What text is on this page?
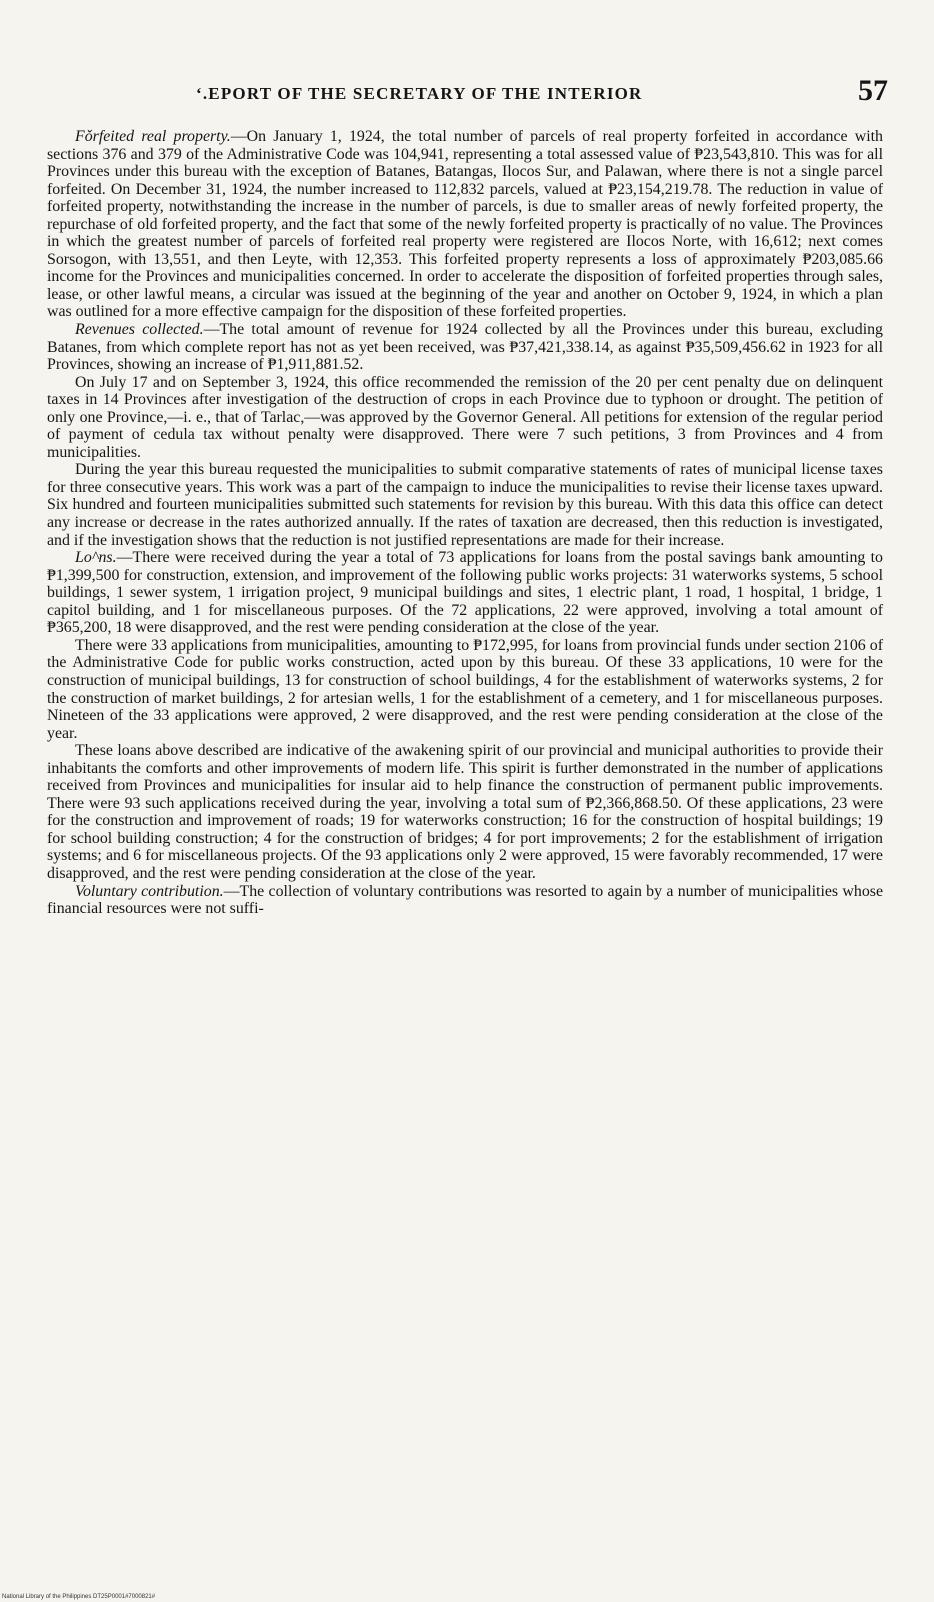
‘.EPORT OF THE SECRETARY OF THE INTERIOR	57

Fǒrfeited real property.—On January 1, 1924, the total number of parcels of real property forfeited in accordance with sections 376 and 379 of the Administrative Code was 104,941, representing a total assessed value of ₱23,543,810. This was for all Provinces under this bureau with the exception of Batanes, Batangas, Ilocos Sur, and Palawan, where there is not a single parcel forfeited. On December 31, 1924, the number increased to 112,832 parcels, valued at ₱23,154,219.78. The reduction in value of forfeited property, notwithstanding the increase in the number of parcels, is due to smaller areas of newly forfeited property, the repurchase of old forfeited property, and the fact that some of the newly forfeited property is practically of no value. The Provinces in which the greatest number of parcels of forfeited real property were registered are Ilocos Norte, with 16,612; next comes Sorsogon, with 13,551, and then Leyte, with 12,353. This forfeited property represents a loss of approximately ₱203,085.66 income for the Provinces and municipalities concerned. In order to accelerate the disposition of forfeited properties through sales, lease, or other lawful means, a circular was issued at the beginning of the year and another on October 9, 1924, in which a plan was outlined for a more effective campaign for the disposition of these forfeited properties.

Revenues collected.—The total amount of revenue for 1924 collected by all the Provinces under this bureau, excluding Batanes, from which complete report has not as yet been received, was ₱37,421,338.14, as against ₱35,509,456.62 in 1923 for all Provinces, showing an increase of ₱1,911,881.52.

On July 17 and on September 3, 1924, this office recommended the remission of the 20 per cent penalty due on delinquent taxes in 14 Provinces after investigation of the destruction of crops in each Province due to typhoon or drought. The petition of only one Province,—i. e., that of Tarlac,—was approved by the Governor General. All petitions for extension of the regular period of payment of cedula tax without penalty were disapproved. There were 7 such petitions, 3 from Provinces and 4 from municipalities.

During the year this bureau requested the municipalities to submit comparative statements of rates of municipal license taxes for three consecutive years. This work was a part of the campaign to induce the municipalities to revise their license taxes upward. Six hundred and fourteen municipalities submitted such statements for revision by this bureau. With this data this office can detect any increase or decrease in the rates authorized annually. If the rates of taxation are decreased, then this reduction is investigated, and if the investigation shows that the reduction is not justified representations are made for their increase.

Lo^ns.—There were received during the year a total of 73 applications for loans from the postal savings bank amounting to ₱1,399,500 for construction, extension, and improvement of the following public works projects: 31 waterworks systems, 5 school buildings, 1 sewer system, 1 irrigation project, 9 municipal buildings and sites, 1 electric plant, 1 road, 1 hospital, 1 bridge, 1 capitol building, and 1 for miscellaneous purposes. Of the 72 applications, 22 were approved, involving a total amount of ₱365,200, 18 were disapproved, and the rest were pending consideration at the close of the year.

There were 33 applications from municipalities, amounting to ₱172,995, for loans from provincial funds under section 2106 of the Administrative Code for public works construction, acted upon by this bureau. Of these 33 applications, 10 were for the construction of municipal buildings, 13 for construction of school buildings, 4 for the establishment of waterworks systems, 2 for the construction of market buildings, 2 for artesian wells, 1 for the establishment of a cemetery, and 1 for miscellaneous purposes. Nineteen of the 33 applications were approved, 2 were disapproved, and the rest were pending consideration at the close of the year.

These loans above described are indicative of the awakening spirit of our provincial and municipal authorities to provide their inhabitants the comforts and other improvements of modern life. This spirit is further demonstrated in the number of applications received from Provinces and municipalities for insular aid to help finance the construction of permanent public improvements. There were 93 such applications received during the year, involving a total sum of ₱2,366,868.50. Of these applications, 23 were for the construction and improvement of roads; 19 for waterworks construction; 16 for the construction of hospital buildings; 19 for school building construction; 4 for the construction of bridges; 4 for port improvements; 2 for the establishment of irrigation systems; and 6 for miscellaneous projects. Of the 93 applications only 2 were approved, 15 were favorably recommended, 17 were disapproved, and the rest were pending consideration at the close of the year.

Voluntary contribution.—The collection of voluntary contributions was resorted to again by a number of municipalities whose financial resources were not suffi-

National Library of the Philippines DT25P0001#7000821#
